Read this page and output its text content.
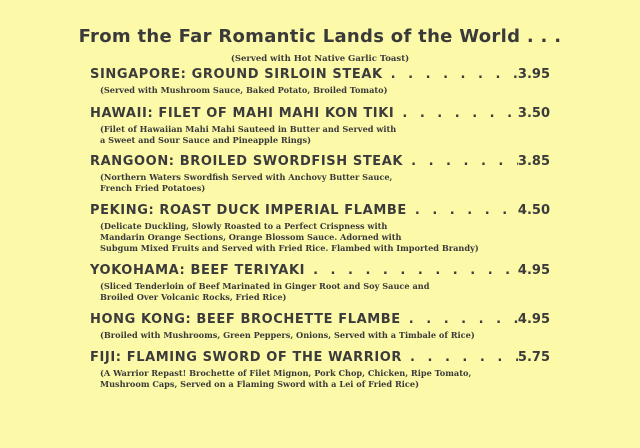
From the Far Romantic Lands of the World . . .
(Served with Hot Native Garlic Toast)
SINGAPORE: GROUND SIRLOIN STEAK . . .	3.95
(Served with Mushroom Sauce, Baked Potato, Broiled Tomato)
HAWAII: FILET OF MAHI MAHI KON TIKI . . .	3.50
(Filet of Hawaiian Mahi Mahi Sauteed in Butter and Served with
a Sweet and Sour Sauce and Pineapple Rings)
RANGOON: BROILED SWORDFISH STEAK . . .	3.85
(Northern Waters Swordfish Served with Anchovy Butter Sauce,
French Fried Potatoes)
PEKING: ROAST DUCK IMPERIAL FLAMBE . . .	4.50
(Delicate Duckling, Slowly Roasted to a Perfect Crispness with
Mandarin Orange Sections, Orange Blossom Sauce. Adorned with
Subgum Mixed Fruits and Served with Fried Rice. Flambed with Imported Brandy)
YOKOHAMA: BEEF TERIYAKI . . .	4.95
(Sliced Tenderloin of Beef Marinated in Ginger Root and Soy Sauce and
Broiled Over Volcanic Rocks, Fried Rice)
HONG KONG: BEEF BROCHETTE FLAMBE . . .	4.95
(Broiled with Mushrooms, Green Peppers, Onions, Served with a Timbale of Rice)
FIJI: FLAMING SWORD OF THE WARRIOR . . .	5.75
(A Warrior Repast! Brochette of Filet Mignon, Pork Chop, Chicken, Ripe Tomato,
Mushroom Caps, Served on a Flaming Sword with a Lei of Fried Rice)
